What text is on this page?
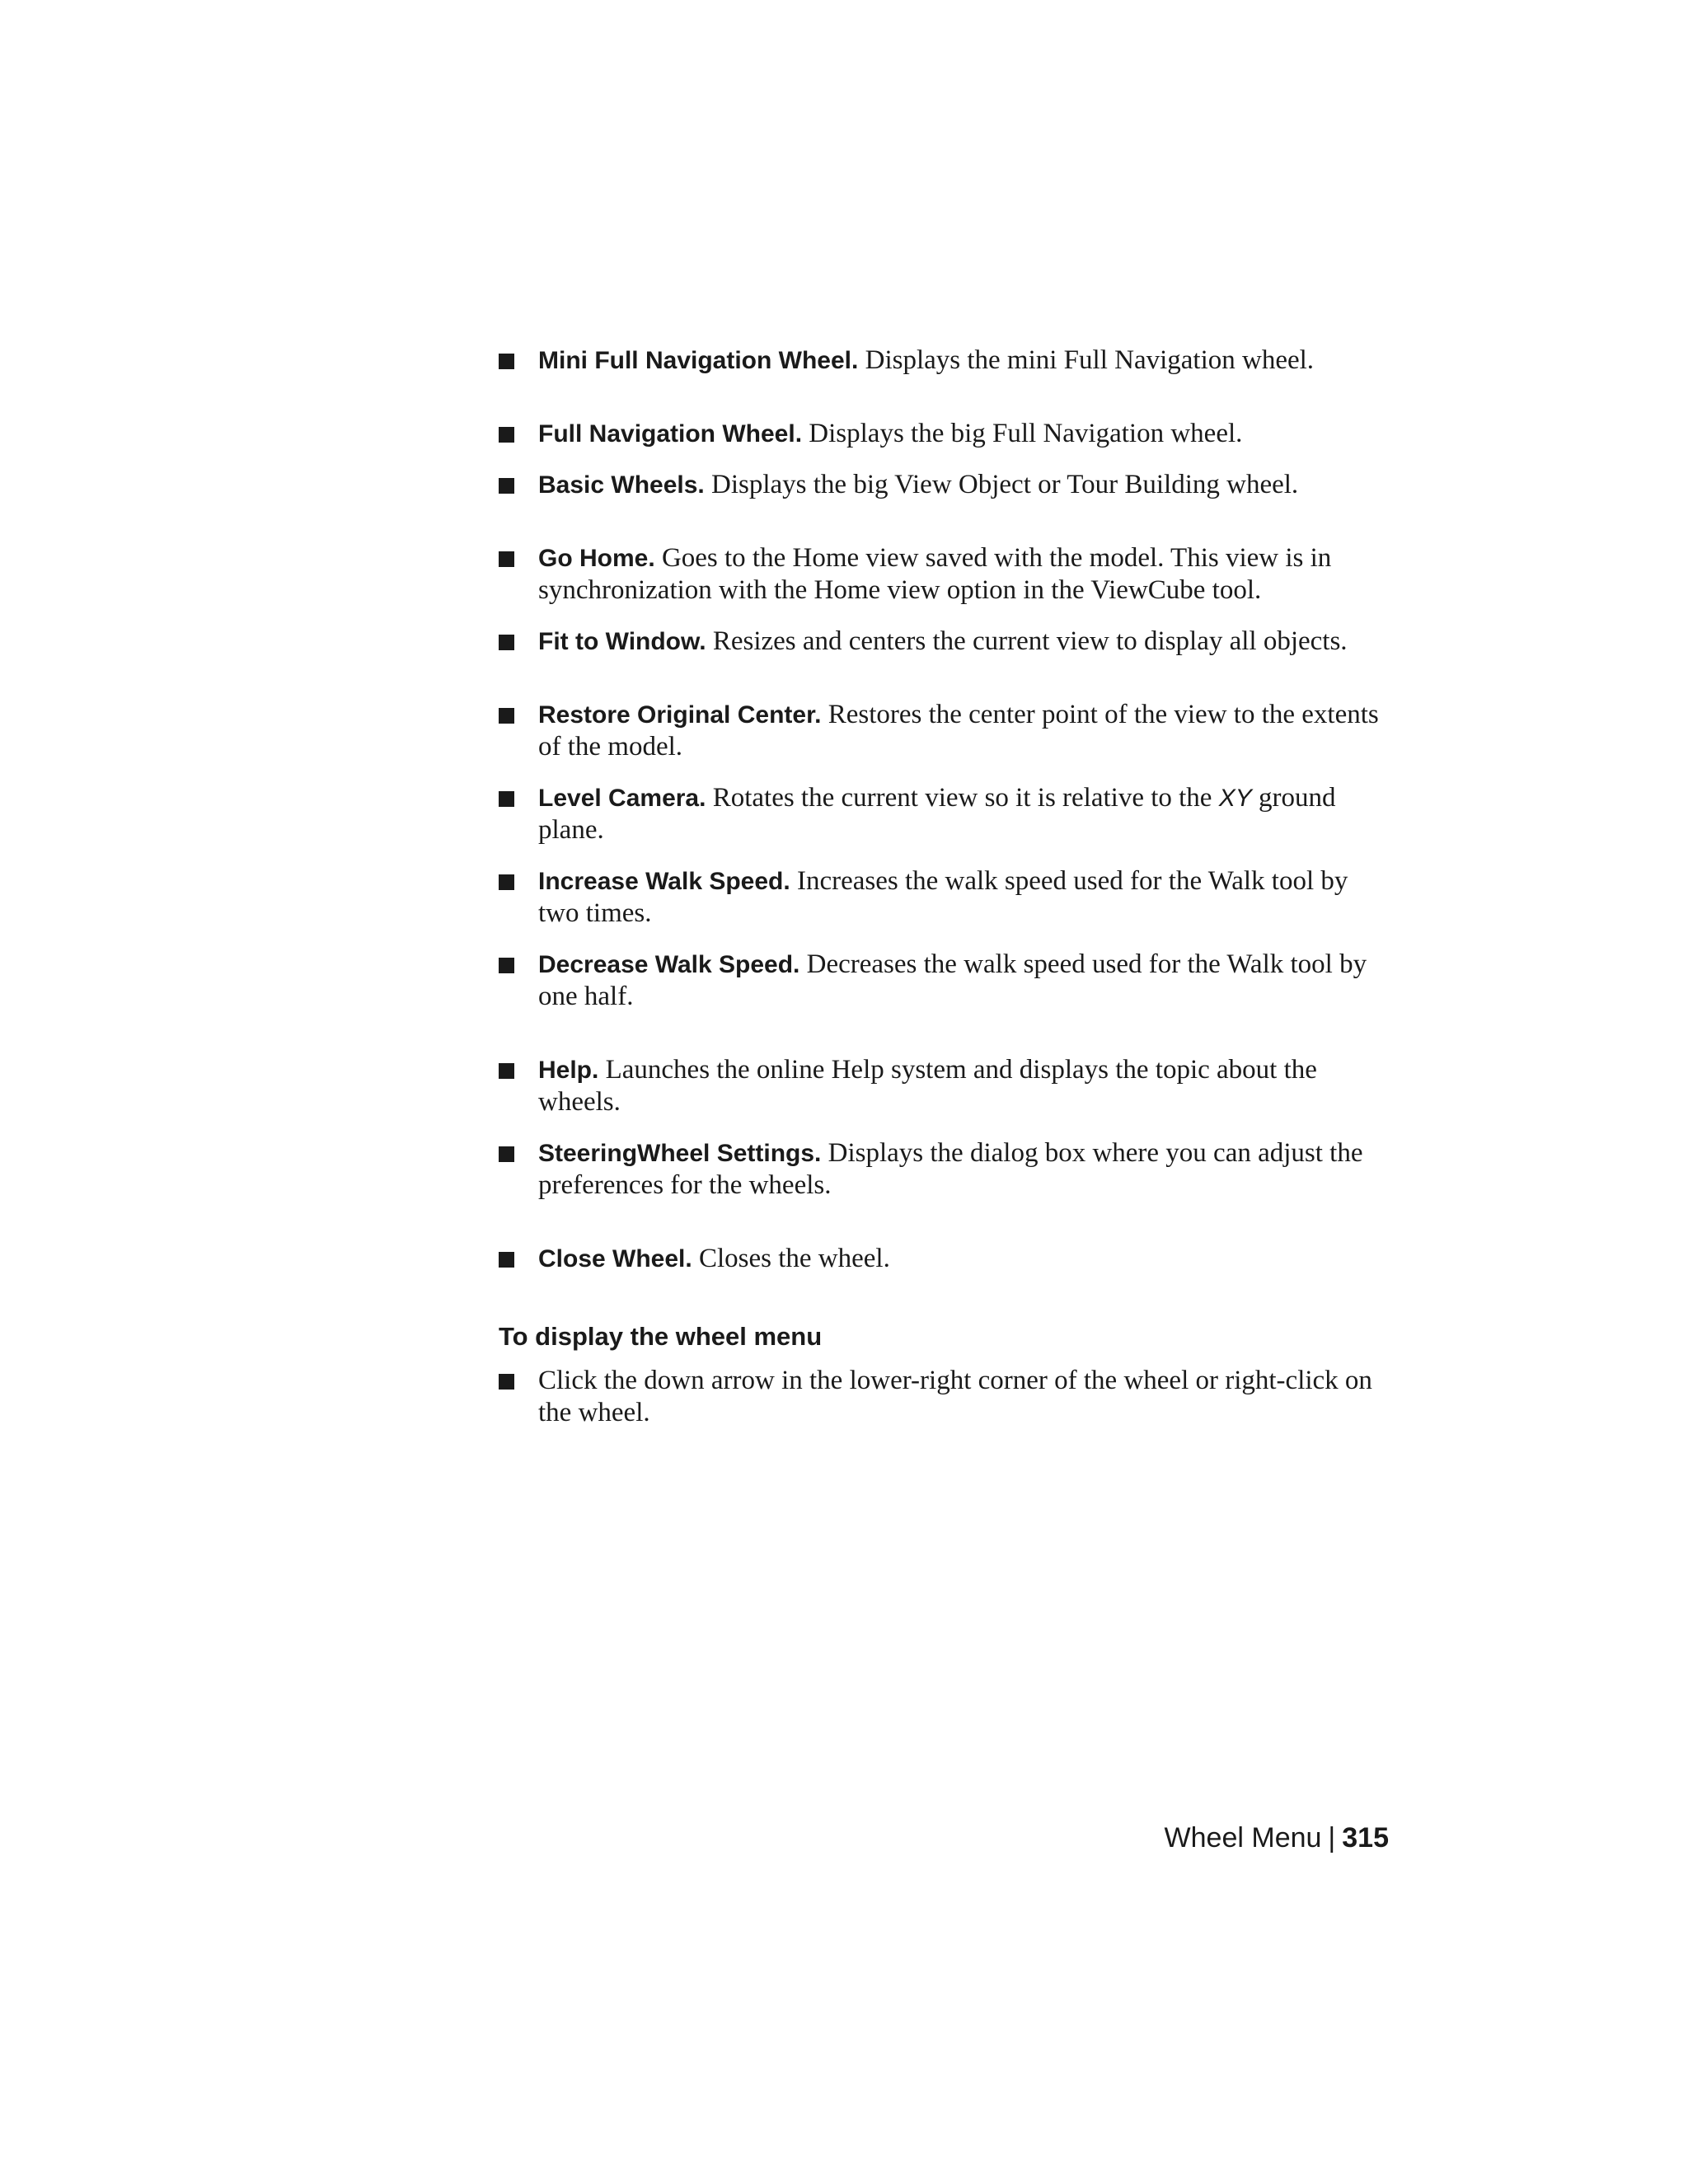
Mini Full Navigation Wheel. Displays the mini Full Navigation wheel.
Full Navigation Wheel. Displays the big Full Navigation wheel.
Basic Wheels. Displays the big View Object or Tour Building wheel.
Go Home. Goes to the Home view saved with the model. This view is in synchronization with the Home view option in the ViewCube tool.
Fit to Window. Resizes and centers the current view to display all objects.
Restore Original Center. Restores the center point of the view to the extents of the model.
Level Camera. Rotates the current view so it is relative to the XY ground plane.
Increase Walk Speed. Increases the walk speed used for the Walk tool by two times.
Decrease Walk Speed. Decreases the walk speed used for the Walk tool by one half.
Help. Launches the online Help system and displays the topic about the wheels.
SteeringWheel Settings. Displays the dialog box where you can adjust the preferences for the wheels.
Close Wheel. Closes the wheel.
To display the wheel menu
Click the down arrow in the lower-right corner of the wheel or right-click on the wheel.
Wheel Menu | 315
